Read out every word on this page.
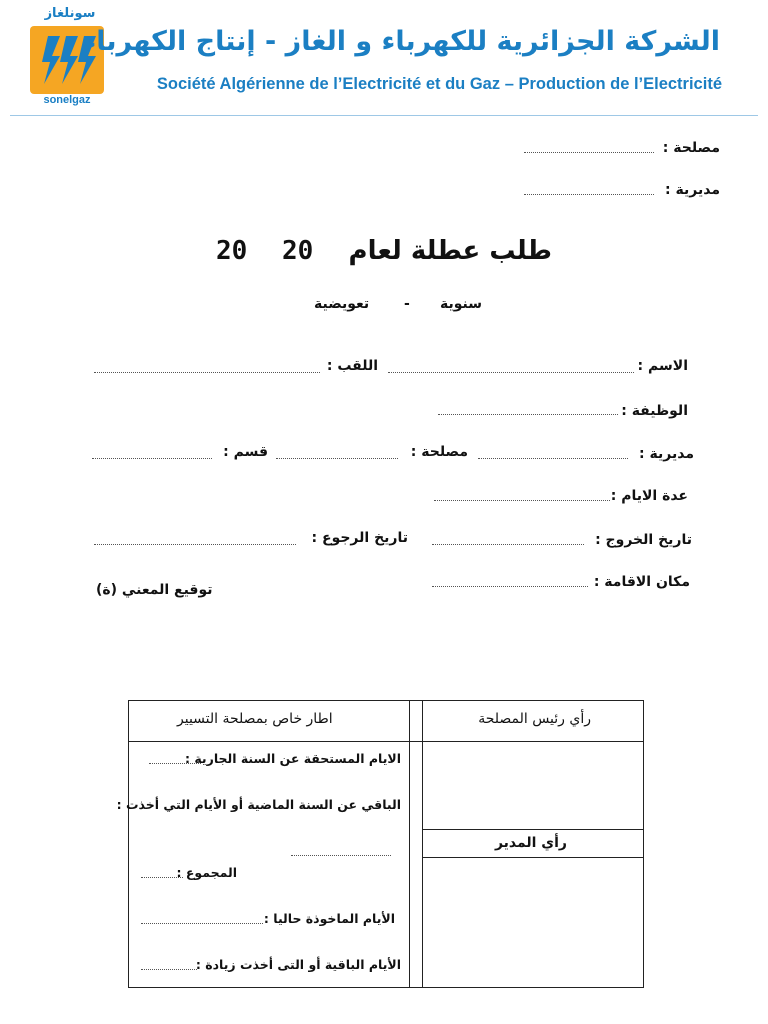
سونلغاز
sonelgaz
الشركة الجزائرية للكهرباء و الغاز - إنتاج الكهرباء
Société Algérienne de l’Electricité et du Gaz – Production de l’Electricité
مصلحة :
مديرية :
طلب عطلة لعام
20
20
سنوية
-
تعويضية
الاسم :
اللقب :
الوظيفة :
مديرية :
مصلحة :
قسم :
عدة الايام :
تاريخ الخروج :
تاريخ الرجوع :
مكان الاقامة :
توقيع المعني (ة)
اطار خاص بمصلحة التسيير	رأي رئيس المصلحة
رأي المدير
الايام المستحقة عن السنة الجارية :
الباقي عن السنة الماضية أو الأيام التي أخذت :
المجموع :
الأيام الماخوذة حاليا :
الأيام الباقية أو التى أخذت زيادة :
